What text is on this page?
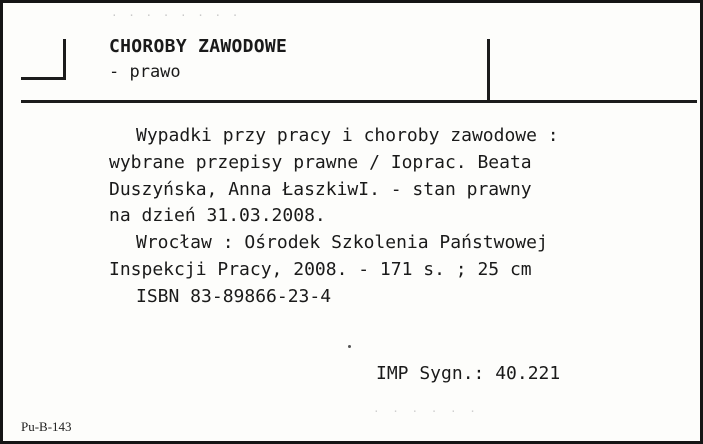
· · · · · · · ·
CHOROBY ZAWODOWE
- prawo
Wypadki przy pracy i choroby zawodowe :
wybrane przepisy prawne / Ioprac. Beata
Duszyńska, Anna ŁaszkiwI. - stan prawny
na dzień 31.03.2008.
Wrocław : Ośrodek Szkolenia Państwowej
Inspekcji Pracy, 2008. - 171 s. ; 25 cm
ISBN 83-89866-23-4
IMP Sygn.: 40.221
· · · · · ·
Pu-B-143
